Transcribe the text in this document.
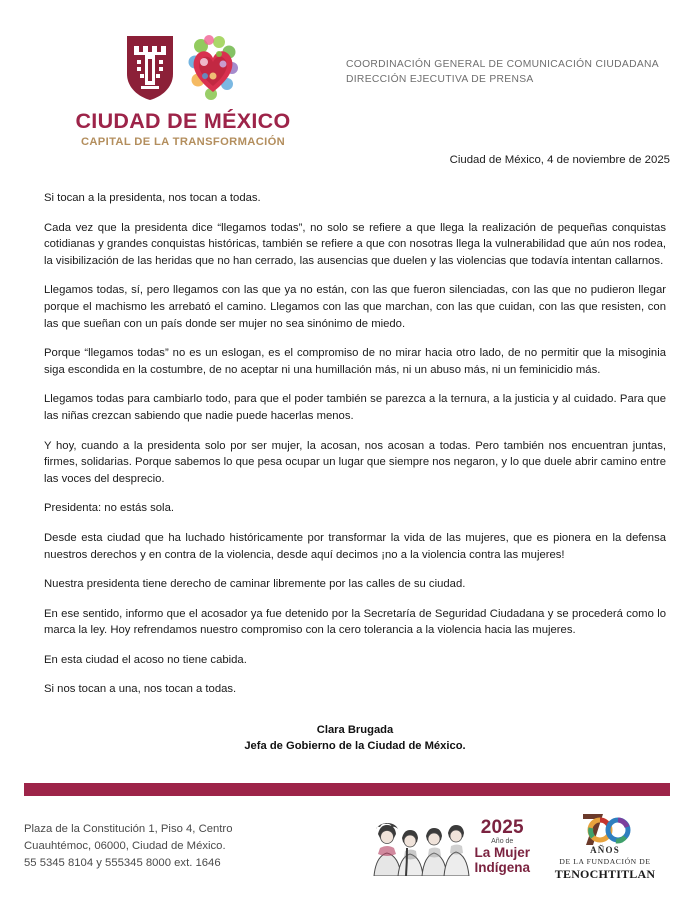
CIUDAD DE MÉXICO
CAPITAL DE LA TRANSFORMACIÓN
COORDINACIÓN GENERAL DE COMUNICACIÓN CIUDADANA
DIRECCIÓN EJECUTIVA DE PRENSA
Ciudad de México, 4 de noviembre de 2025

Si tocan a la presidenta, nos tocan a todas.

Cada vez que la presidenta dice “llegamos todas”, no solo se refiere a que llega la realización de pequeñas conquistas cotidianas y grandes conquistas históricas, también se refiere a que con nosotras llega la vulnerabilidad que aún nos rodea, la visibilización de las heridas que no han cerrado, las ausencias que duelen y las violencias que todavía intentan callarnos.

Llegamos todas, sí, pero llegamos con las que ya no están, con las que fueron silenciadas, con las que no pudieron llegar porque el machismo les arrebató el camino. Llegamos con las que marchan, con las que cuidan, con las que resisten, con las que sueñan con un país donde ser mujer no sea sinónimo de miedo.

Porque “llegamos todas” no es un eslogan, es el compromiso de no mirar hacia otro lado, de no permitir que la misoginia siga escondida en la costumbre, de no aceptar ni una humillación más, ni un abuso más, ni un feminicidio más.

Llegamos todas para cambiarlo todo, para que el poder también se parezca a la ternura, a la justicia y al cuidado. Para que las niñas crezcan sabiendo que nadie puede hacerlas menos.

Y hoy, cuando a la presidenta solo por ser mujer, la acosan, nos acosan a todas. Pero también nos encuentran juntas, firmes, solidarias. Porque sabemos lo que pesa ocupar un lugar que siempre nos negaron, y lo que duele abrir camino entre las voces del desprecio.

Presidenta: no estás sola.

Desde esta ciudad que ha luchado históricamente por transformar la vida de las mujeres, que es pionera en la defensa nuestros derechos y en contra de la violencia, desde aquí decimos ¡no a la violencia contra las mujeres!

Nuestra presidenta tiene derecho de caminar libremente por las calles de su ciudad.

En ese sentido, informo que el acosador ya fue detenido por la Secretaría de Seguridad Ciudadana y se procederá como lo marca la ley. Hoy refrendamos nuestro compromiso con la cero tolerancia a la violencia hacia las mujeres.

En esta ciudad el acoso no tiene cabida.

Si nos tocan a una, nos tocan a todas.

Clara Brugada
Jefa de Gobierno de la Ciudad de México.
Plaza de la Constitución 1, Piso 4, Centro
Cuauhtémoc, 06000, Ciudad de México.
55 5345 8104 y 555345 8000 ext. 1646
2025
Año de
La Mujer
Indígena
AÑOS
DE LA FUNDACIÓN DE
TENOCHTITLAN
